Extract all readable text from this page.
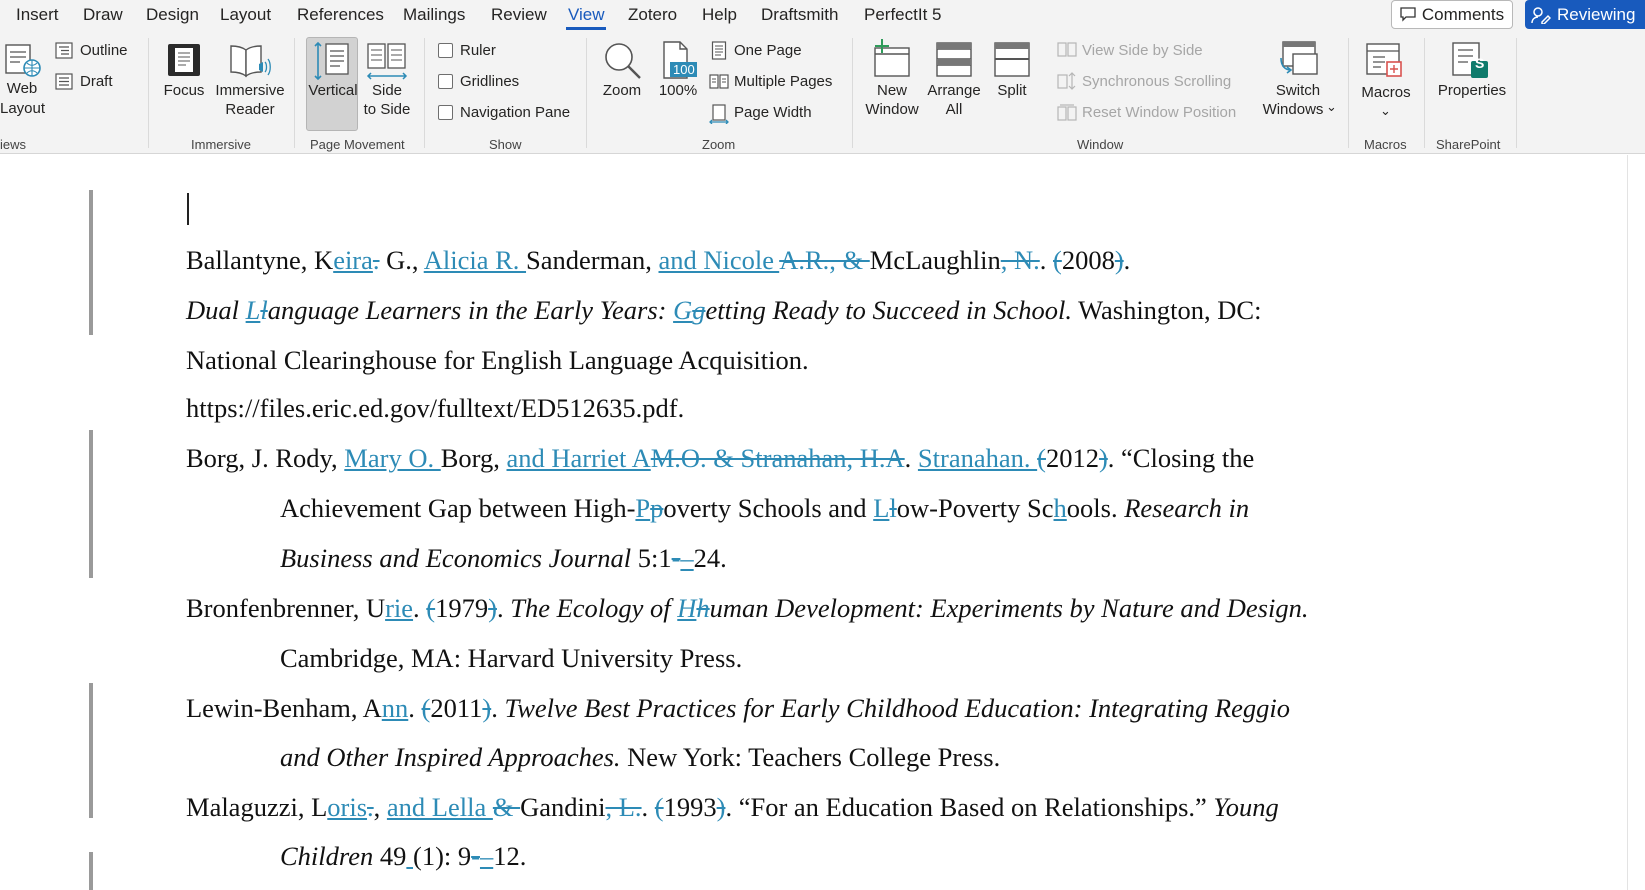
Insert Draw Design Layout References Mailings Review View Zotero Help Draftsmith PerfectIt 5	Comments	Reviewing
Web
Layout
Outline
Draft
iews
Focus Immersive
Reader
Immersive
Vertical Side
to Side
Page Movement
Ruler
Gridlines
Navigation Pane
Show
Zoom
100
100%
One Page
Multiple Pages
Page Width
Zoom
New
Window
Arrange
All
Split
View Side by Side
Synchronous Scrolling
Reset Window Position
Switch
Windows ⌄
Window
Macros
⌄
Macros
S
Properties
SharePoint
Ballantyne, Keira. G., Alicia R. Sanderman, and Nicole A.R., & McLaughlin, N.. (2008).
Dual Llanguage Learners in the Early Years: Ggetting Ready to Succeed in School. Washington, DC:
National Clearinghouse for English Language Acquisition.
https://files.eric.ed.gov/fulltext/ED512635.pdf.
Borg, J. Rody, Mary O. Borg, and Harriet AM.O. & Stranahan, H.A. Stranahan. (2012). “Closing the
Achievement Gap between High-Ppoverty Schools and Llow-Poverty Schools. Research in
Business and Economics Journal 5:1-–24.
Bronfenbrenner, Urie. (1979). The Ecology of Hhuman Development: Experiments by Nature and Design.
Cambridge, MA: Harvard University Press.
Lewin-Benham, Ann. (2011). Twelve Best Practices for Early Childhood Education: Integrating Reggio
and Other Inspired Approaches. New York: Teachers College Press.
Malaguzzi, Loris., and Lella & Gandini, L.. (1993). “For an Education Based on Relationships.” Young
Children 49 (1): 9-–12.
